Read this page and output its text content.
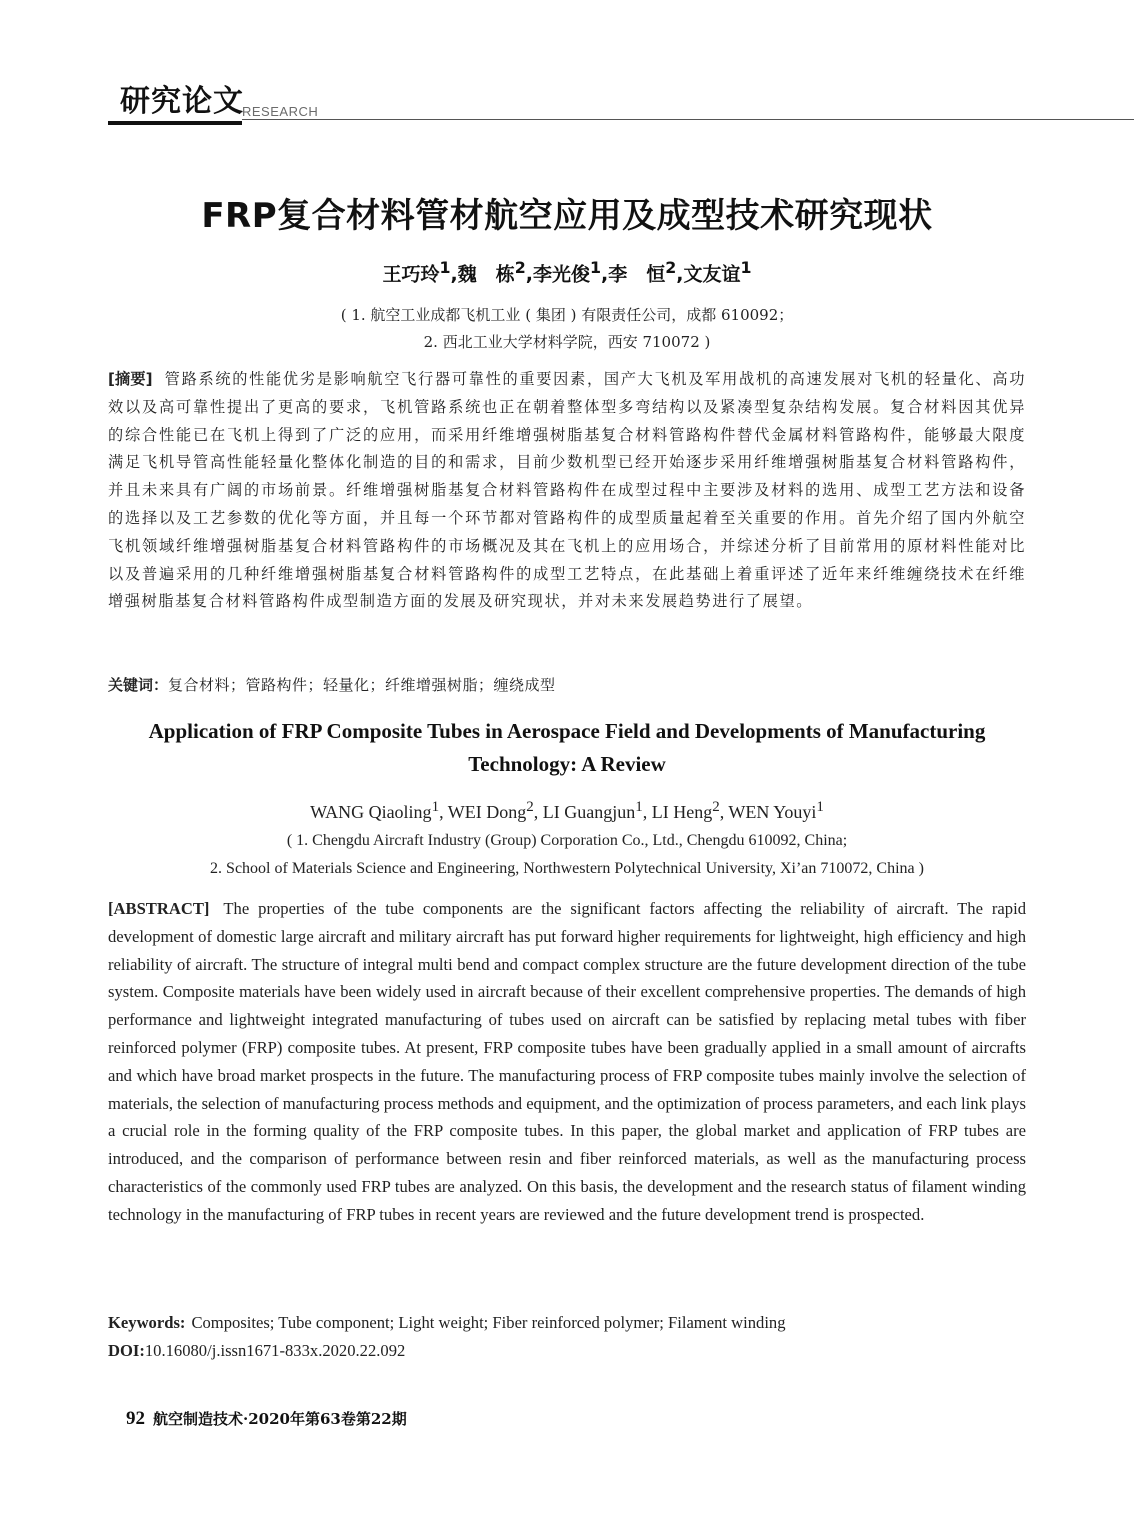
研究论文
RESEARCH
FRP复合材料管材航空应用及成型技术研究现状
王巧玲$^1$,魏　栋$^2$,李光俊$^1$,李　恒$^2$,文友谊$^1$
( 1. 航空工业成都飞机工业 ( 集团 ) 有限责任公司，成都 610092；
2. 西北工业大学材料学院，西安 710072 )
[摘要] 管路系统的性能优劣是影响航空飞行器可靠性的重要因素，国产大飞机及军用战机的高速发展对飞机的轻量化、高功效以及高可靠性提出了更高的要求，飞机管路系统也正在朝着整体型多弯结构以及紧凑型复杂结构发展。复合材料因其优异的综合性能已在飞机上得到了广泛的应用，而采用纤维增强树脂基复合材料管路构件替代金属材料管路构件，能够最大限度满足飞机导管高性能轻量化整体化制造的目的和需求，目前少数机型已经开始逐步采用纤维增强树脂基复合材料管路构件，并且未来具有广阔的市场前景。纤维增强树脂基复合材料管路构件在成型过程中主要涉及材料的选用、成型工艺方法和设备的选择以及工艺参数的优化等方面，并且每一个环节都对管路构件的成型质量起着至关重要的作用。首先介绍了国内外航空飞机领域纤维增强树脂基复合材料管路构件的市场概况及其在飞机上的应用场合，并综述分析了目前常用的原材料性能对比以及普遍采用的几种纤维增强树脂基复合材料管路构件的成型工艺特点，在此基础上着重评述了近年来纤维缠绕技术在纤维增强树脂基复合材料管路构件成型制造方面的发展及研究现状，并对未来发展趋势进行了展望。
关键词：复合材料；管路构件；轻量化；纤维增强树脂；缠绕成型
Application of FRP Composite Tubes in Aerospace Field and Developments of Manufacturing Technology: A Review
WANG Qiaoling$^1$, WEI Dong$^2$, LI Guangjun$^1$, LI Heng$^2$, WEN Youyi$^1$
( 1. Chengdu Aircraft Industry (Group) Corporation Co., Ltd., Chengdu 610092, China;
2. School of Materials Science and Engineering, Northwestern Polytechnical University, Xi’an 710072, China )
[ABSTRACT] The properties of the tube components are the significant factors affecting the reliability of aircraft. The rapid development of domestic large aircraft and military aircraft has put forward higher requirements for lightweight, high efficiency and high reliability of aircraft. The structure of integral multi bend and compact complex structure are the future development direction of the tube system. Composite materials have been widely used in aircraft because of their excellent comprehensive properties. The demands of high performance and lightweight integrated manufacturing of tubes used on aircraft can be satisfied by replacing metal tubes with fiber reinforced polymer (FRP) composite tubes. At present, FRP composite tubes have been gradually applied in a small amount of aircrafts and which have broad market prospects in the future. The manufacturing process of FRP composite tubes mainly involve the selection of materials, the selection of manufacturing process methods and equipment, and the optimization of process parameters, and each link plays a crucial role in the forming quality of the FRP composite tubes. In this paper, the global market and application of FRP tubes are introduced, and the comparison of performance between resin and fiber reinforced materials, as well as the manufacturing process characteristics of the commonly used FRP tubes are analyzed. On this basis, the development and the research status of filament winding technology in the manufacturing of FRP tubes in recent years are reviewed and the future development trend is prospected.
Keywords: Composites; Tube component; Light weight; Fiber reinforced polymer; Filament winding
DOI:10.16080/j.issn1671-833x.2020.22.092
92 航空制造技术·2020年第63卷第22期
